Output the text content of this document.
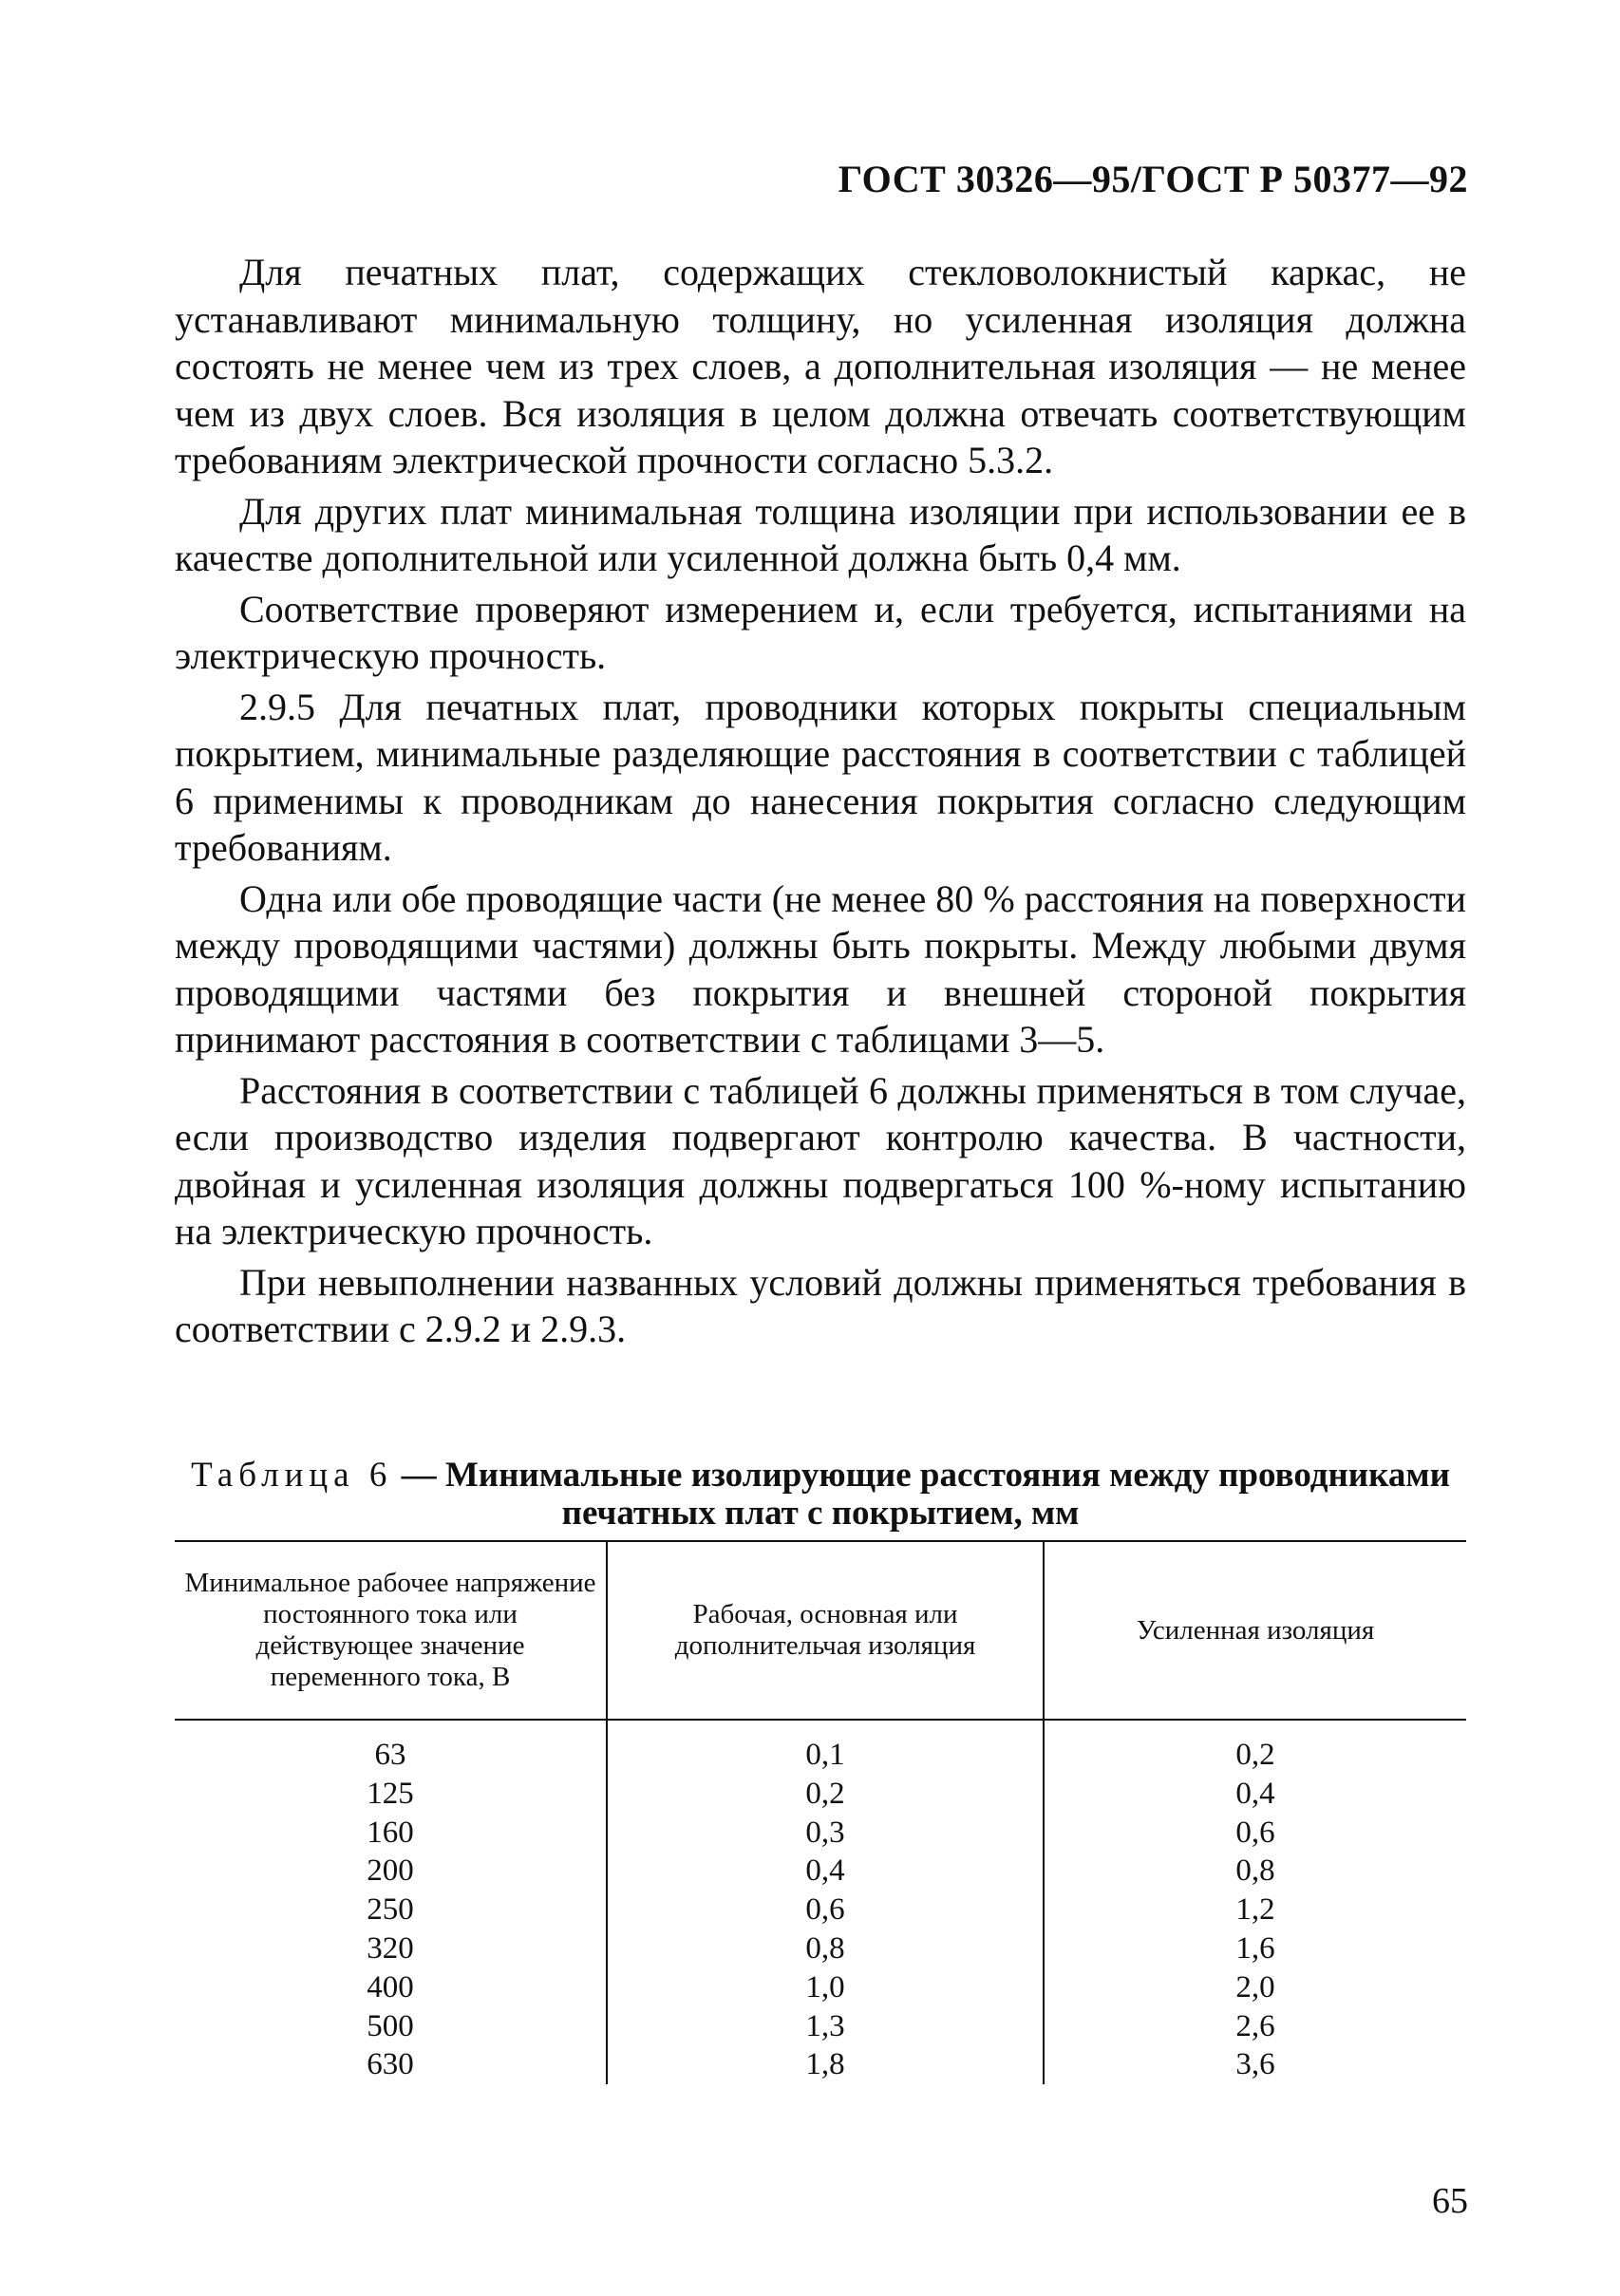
ГОСТ 30326—95/ГОСТ Р 50377—92

Для печатных плат, содержащих стекловолокнистый каркас, не устанавливают минимальную толщину, но усиленная изоляция должна состоять не менее чем из трех слоев, а дополнительная изоляция — не менее чем из двух слоев. Вся изоляция в целом должна отвечать соответствующим требованиям электрической прочности согласно 5.3.2.

Для других плат минимальная толщина изоляции при использовании ее в качестве дополнительной или усиленной должна быть 0,4 мм.

Соответствие проверяют измерением и, если требуется, испытаниями на электрическую прочность.

2.9.5 Для печатных плат, проводники которых покрыты специальным покрытием, минимальные разделяющие расстояния в соответствии с таблицей 6 применимы к проводникам до нанесения покрытия согласно следующим требованиям.

Одна или обе проводящие части (не менее 80 % расстояния на поверхности между проводящими частями) должны быть покрыты. Между любыми двумя проводящими частями без покрытия и внешней стороной покрытия принимают расстояния в соответствии с таблицами 3—5.

Расстояния в соответствии с таблицей 6 должны применяться в том случае, если производство изделия подвергают контролю качества. В частности, двойная и усиленная изоляция должны подвергаться 100 %-ному испытанию на электрическую прочность.

При невыполнении названных условий должны применяться требования в соответствии с 2.9.2 и 2.9.3.

Таблица 6 — Минимальные изолирующие расстояния между проводниками печатных плат с покрытием, мм
Минимальное рабочее напряжение постоянного тока или действующее значение переменного тока, В	Рабочая, основная или дополнительчая изоляция	Усиленная изоляция
63	0,1	0,2
125	0,2	0,4
160	0,3	0,6
200	0,4	0,8
250	0,6	1,2
320	0,8	1,6
400	1,0	2,0
500	1,3	2,6
630	1,8	3,6
65
